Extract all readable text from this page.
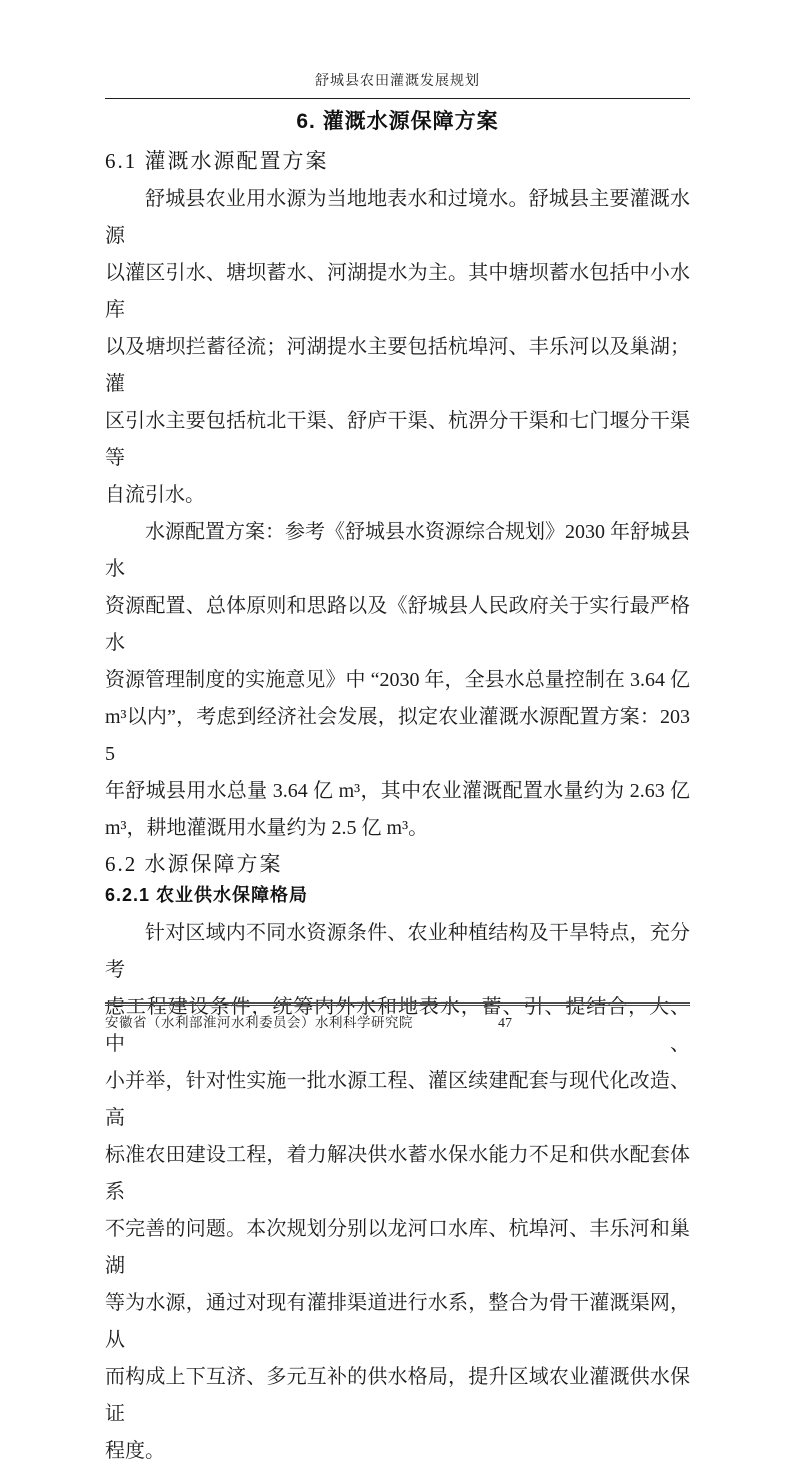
舒城县农田灌溉发展规划
6. 灌溉水源保障方案
6.1 灌溉水源配置方案
舒城县农业用水源为当地地表水和过境水。舒城县主要灌溉水源
以灌区引水、塘坝蓄水、河湖提水为主。其中塘坝蓄水包括中小水库
以及塘坝拦蓄径流；河湖提水主要包括杭埠河、丰乐河以及巢湖；灌
区引水主要包括杭北干渠、舒庐干渠、杭淠分干渠和七门堰分干渠等
自流引水。
水源配置方案：参考《舒城县水资源综合规划》2030 年舒城县水
资源配置、总体原则和思路以及《舒城县人民政府关于实行最严格水
资源管理制度的实施意见》中 “2030 年，全县水总量控制在 3.64 亿
m³以内”，考虑到经济社会发展，拟定农业灌溉水源配置方案：2035
年舒城县用水总量 3.64 亿 m³，其中农业灌溉配置水量约为 2.63 亿
m³，耕地灌溉用水量约为 2.5 亿 m³。
6.2 水源保障方案
6.2.1 农业供水保障格局
针对区域内不同水资源条件、农业种植结构及干旱特点，充分考
虑工程建设条件，统筹内外水和地表水，蓄、引、提结合，大、中、
小并举，针对性实施一批水源工程、灌区续建配套与现代化改造、高
标准农田建设工程，着力解决供水蓄水保水能力不足和供水配套体系
不完善的问题。本次规划分别以龙河口水库、杭埠河、丰乐河和巢湖
等为水源，通过对现有灌排渠道进行水系，整合为骨干灌溉渠网，从
而构成上下互济、多元互补的供水格局，提升区域农业灌溉供水保证
程度。
安徽省（水利部淮河水利委员会）水利科学研究院	47
